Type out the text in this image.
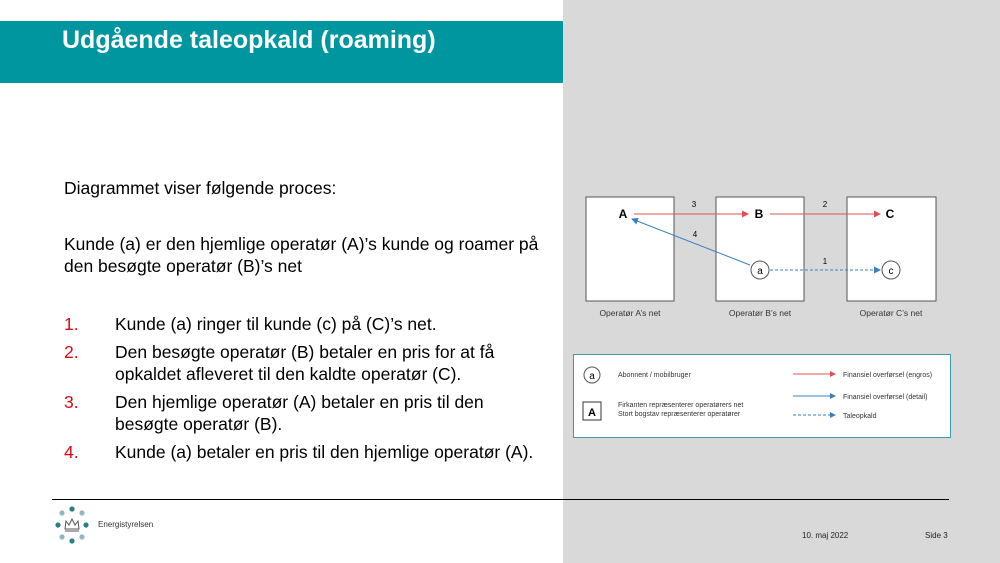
Udgående taleopkald (roaming)

Diagrammet viser følgende proces:

Kunde (a) er den hjemlige operatør (A)’s kunde og roamer på den besøgte operatør (B)’s net

1. Kunde (a) ringer til kunde (c) på (C)’s net.
2. Den besøgte operatør (B) betaler en pris for at få opkaldet afleveret til den kaldte operatør (C).
3. Den hjemlige operatør (A) betaler en pris til den besøgte operatør (B).
4. Kunde (a) betaler en pris til den hjemlige operatør (A).
A	B	C
3	2
a	c
4
1
Operatør A’s net	Operatør B’s net	Operatør C’s net
a	Abonnent / mobilbruger
A
Firkanten repræsenterer operatørers net
Stort bogstav repræsenterer operatører
Finansiel overførsel (engros)
Finansiel overførsel (detail)
Taleopkald
Energistyrelsen
10. maj 2022	Side 3
